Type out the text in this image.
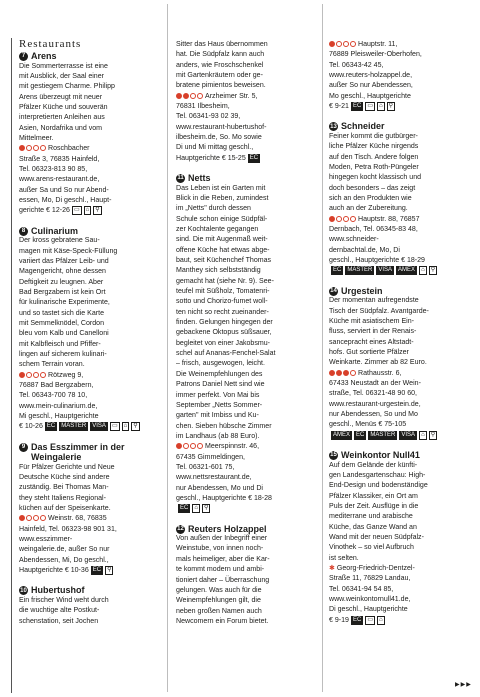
Restaurants
7 Arens
Die Sommerterrasse ist eine
mit Ausblick, der Saal einer
mit gestiegem Charme. Philipp
Arens überzeugt mit neuer
Pfälzer Küche und souverän
interpretierten Anleihen aus
Asien, Nordafrika und vom
Mittelmeer.
Roschbacher
Straße 3, 76835 Hainfeld,
Tel. 06323-813 90 85,
www.arens-restaurant.de,
außer Sa und So nur Abend-
essen, Mo, Di geschl., Haupt-
gerichte € 12-26 ▭ ⌂ ⚲
8 Culinarium
Der kross gebratene Sau-
magen mit Käse-Speck-Füllung
variiert das Pfälzer Leib- und
Magengericht, ohne dessen
Deftigkeit zu leugnen. Aber
Bad Bergzabern ist kein Ort
für kulinarische Experimente,
und so tastet sich die Karte
mit Semmelknödel, Cordon
bleu vom Kalb und Canelloni
mit Kalbfleisch und Pfiffer-
lingen auf sicherem kulinari-
schem Terrain voran.
Rötzweg 9,
76887 Bad Bergzabern,
Tel. 06343-700 78 10,
www.mein-culinarium.de,
Mi geschl., Hauptgerichte
€ 10-26 EC MASTER VISA ▭ ⌂ ⚲
9 Das Esszimmer in der Weingalerie
Für Pfälzer Gerichte und Neue
Deutsche Küche sind andere
zuständig. Bei Thomas Man-
they steht Italiens Regional-
küchen auf der Speisenkarte.
Weinstr. 68, 76835
Hainfeld, Tel. 06323-98 901 31,
www.esszimmer-
weingalerie.de, außer So nur
Abendessen, Mi, Do geschl.,
Hauptgerichte € 10-36 EC ⚲
10 Hubertushof
Ein frischer Wind weht durch
die wuchtige alte Postkut-
schenstation, seit Jochen
Sitter das Haus übernommen
hat. Die Südpfalz kann auch
anders, wie Froschschenkel
mit Gartenkräutern oder ge-
bratene pimientos beweisen.
Arzheimer Str. 5,
76831 Ilbesheim,
Tel. 06341-93 02 39,
www.restaurant-hubertushof-
ilbesheim.de, So. Mo sowie
Di und Mi mittag geschl.,
Hauptgerichte € 15-25 EC
11 Netts
Das Leben ist ein Garten mit
Blick in die Reben, zumindest
im „Netts" durch dessen
Schule schon einige Südpfäl-
zer Kochtalente gegangen
sind. Die mit Augenmaß weit-
offene Küche hat etwas abge-
baut, seit Küchenchef Thomas
Manthey sich selbstständig
gemacht hat (siehe Nr. 9). See-
teufel mit Süßholz, Tomatenri-
sotto und Chorizo-fumet woll-
ten nicht so recht zueinander-
finden. Gelungen hingegen der
gebackene Oktopus süßsauer,
begleitet von einer Jakobsmu-
schel auf Ananas-Fenchel-Salat
– frisch, ausgewogen, leicht.
Die Weinempfehlungen des
Patrons Daniel Nett sind wie
immer perfekt. Von Mai bis
September „Netts Sommer-
garten" mit Imbiss und Ku-
chen. Sieben hübsche Zimmer
im Landhaus (ab 88 Euro).
Meerspinnstr. 46,
67435 Gimmeldingen,
Tel. 06321-601 75,
www.nettsrestaurant.de,
nur Abendessen, Mo und Di
geschl., Hauptgerichte € 18-28
EC ⌂ ⚲
12 Reuters Holzappel
Von außen der Inbegriff einer
Weinstube, von innen noch-
mals heimeliger, aber die Kar-
te kommt modern und ambi-
tioniert daher – Überraschung
gelungen. Was auch für die
Weinempfehlungen gilt, die
neben großen Namen auch
Newcomern ein Forum bietet.
Hauptstr. 11,
76889 Pleisweiler-Oberhofen,
Tel. 06343-42 45,
www.reuters-holzappel.de,
außer So nur Abendessen,
Mo geschl., Hauptgerichte
€ 9-21 EC ▭ ⌂ ⚲
13 Schneider
Feiner kommt die gutbürger-
liche Pfälzer Küche nirgends
auf den Tisch. Andere folgen
Moden, Petra Roth-Püngeler
hingegen kocht klassisch und
doch besonders – das zeigt
sich an den Produkten wie
auch an der Zubereitung.
Hauptstr. 88, 76857
Dernbach, Tel. 06345-83 48,
www.schneider-
dernbachtal.de, Mo, Di
geschl., Hauptgerichte € 18-29
EC MASTER VISA AMEX ⌂ ⚲
14 Urgestein
Der momentan aufregendste
Tisch der Südpfalz. Avantgarde-
Küche mit asiatischem Ein-
fluss, serviert in der Renais-
sancepracht eines Altstadt-
hofs. Gut sortierte Pfälzer
Weinkarte. Zimmer ab 82 Euro.
Rathausstr. 6,
67433 Neustadt an der Wein-
straße, Tel. 06321-48 90 60,
www.restaurant-urgestein.de,
nur Abendessen, So und Mo
geschl., Menüs € 75-105
AMEX EC MASTER VISA ⌂ ⚲
15 Weinkontor Null41
Auf dem Gelände der künfti-
gen Landesgartenschau: High-
End-Design und bodenständige
Pfälzer Klassiker, ein Ort am
Puls der Zeit. Ausflüge in die
mediterrane und arabische
Küche, das Ganze Wand an
Wand mit der neuen Südpfalz-
Vinothek – so viel Aufbruch
ist selten.
✱ Georg-Friedrich-Dentzel-
Straße 11, 76829 Landau,
Tel. 06341-94 54 85,
www.weinkontornull41.de,
Di geschl., Hauptgerichte
€ 9-19 EC ▭ ⌂
▶▶▶
